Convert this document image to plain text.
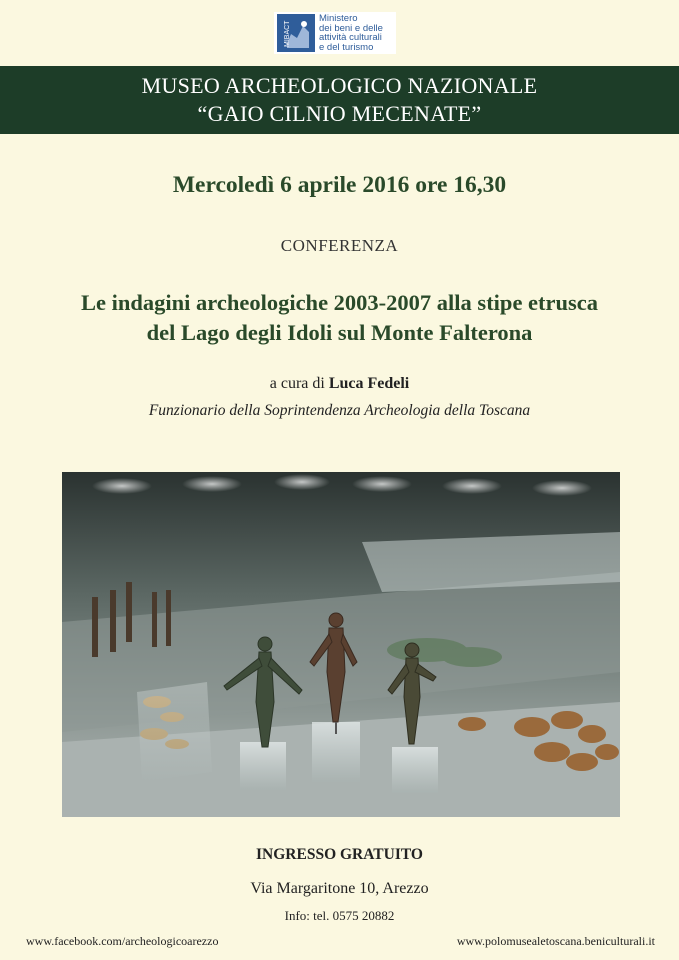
MIBACT
Ministero
dei beni e delle
attività culturali
e del turismo
MUSEO ARCHEOLOGICO NAZIONALE
“GAIO CILNIO MECENATE”
Mercoledì 6 aprile 2016 ore 16,30
CONFERENZA
Le indagini archeologiche 2003-2007 alla stipe etrusca
del Lago degli Idoli sul Monte Falterona
a cura di Luca Fedeli
Funzionario della Soprintendenza Archeologia della Toscana
INGRESSO GRATUITO
Via Margaritone 10, Arezzo
Info: tel. 0575 20882
www.facebook.com/archeologicoarezzo	www.polomusealetoscana.beniculturali.it
